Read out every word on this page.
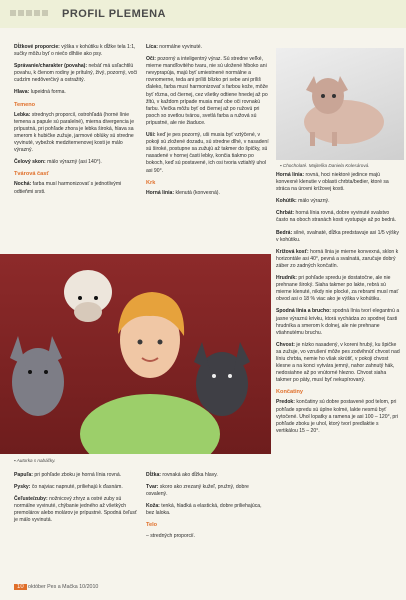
PROFIL PLEMENA

Dĺžkové proporcie: výška v kohútiku k dĺžke tela 1:1, sučky môžu byť o niečo dlhšie ako psy.

Správanie/charakter (povaha): nebáť má usľachtilú povahu, k členom rodiny je prítulný, živý, pozorný, voči cudzím nedôverčivý a ostražitý.

Hlava: lupeidná forma.

Temeno

Lebka: strednych proporcií, ostrohľadá (horné línie temena a papule sú paralelné), mierna divergencia je prípustná, pri pohľade zhora je lebka široká, hlava sa smerom k hubičke zužuje, jarmové oblúky sú stredne vyvinuté, vybežok medziternenovej kosti je málo výrazný.

Čelový skon: málo výrazný (asi 140°).

Tvárová časť

Nochá: farba musí harmonizovať s jednotlivými odtieňmi srsti.

Líca: normálne vyvinuté.

Oči: pozorný a inteligentný výraz. Sú stredne veľké, mierne mandľovitého tvaru, nie sú uložené hlboko ani nevyprapúja, majú byť umiestnené normálne a rovnomerne, teda ani príliš blízko pri sebe ani príliš ďaleko, farba musí harmonizovať s farbou kože, môže byť rôzna, od čiernej, cez všetky odtiene hnedej až po žltú, v každom prípade musia mať obe oči rovnakú farbu. Viečka môžu byť od čiernej až po ružovú pri psoch so svetlou tvárou, svetlá farba a ružová sú prípustné, ale nie žiaduce.

Uši: keď je pes pozorný, uši musia byť vztýčené, v pokoji sú zložené dozadu, sú stredne dlhé, v nasadení sú široké, postupne sa zužujú až takmer do špičky, sú nasadené v hornej časti lebky, končia tiakmo po bokoch, keď sú postavené, ich osi tvoria vztiahlý uhol asi 90°.

Krk

Horná línia: klenutá (konvexná).

▪ Chocholaté. Majiteľka Daniela Kolesárová.

Horná línia: rovná, hoci niektoré jedince majú konvexné klenutie v oblasti chrbta/bedier, ktoré sa stráca na úrovni krížovej kosti.

Kohútik: málo výrazný.

Chrbát: horná línia rovná, dobre vyvinuté svalstvo často na oboch stranách kosti vystupuje až po bedrá.

Bedrá: silné, svalnaté, dĺžka predstavuje asi 1/5 výšky v kohútiku.

Krížová kosť: horná línia je mierne konvexná, sklon k horizontále asi 40°, pevná a svalnatá, zaručuje dobrý záber zo zadných končatín.

Hrudník: pri pohľade spredu je dostatočne, ale nie prehnane široký. Siaha takmer po lakte, rebrá sú mierne klenuté, nikdy nie plocké, za rebrami musí mať obvod asi o 18 % viac ako je výška v kohútiku.

Spodná línia a brucho: spodná línia tvorí elegantnú a jasne výraznú krivku, ktorá vychádza zo spodnej časti hrudníka a smerom k dolnej, ale nie prehnane vtiahnutému bruchu.

Chvost: je nízko nasadený, v koreni hrubý, ku špičke sa zužuje, vo vzrušení môže pes zodvihnúť chvost nad líniu chrbta, nemie ho však skrútiť, v pokoji chvost klesne a na konci vytvára jemný, nahor zahnutý hák, nedosiahne až po vnútorné hlezno. Chvost siaha takmer po päty, musí byť nekupírovaný.

Končatiny

Predok: končatiny sú dobre postavené pod telom, pri pohľade spredu sú úplne kolmé, lakte nesmú byť vytočené. Uhol lopatky a ramena je asi 100 – 120°, pri pohľade zboku je uhol, ktorý tvorí predlaktie s vertikálou 15 – 20°.

▪ Autorka s nabáčky.

Papuľa: pri pohľade zboku je horná línia rovná.

Pysky: čo najviac napnuté, priliehajú k ďasnám.

Čeľuste/zuby: nožnicový zhryz a ostré zuby sú normálne vyvinuté, chýbanie jedného až všetkých premolárov alebo molárov je prípustné. Spodná čeľusť je málo vyvinutá.

Dĺžka: rovnaká ako dĺžka hlavy.

Tvar: skoro ako zrezaný kužeľ, pružný, dobre osvalený.

Koža: tenká, hladká a elastická, dobre priliehajúca, bez laloka.

Telo

– stredných proporcií.

10 október Pes a Mačka 10/2010
